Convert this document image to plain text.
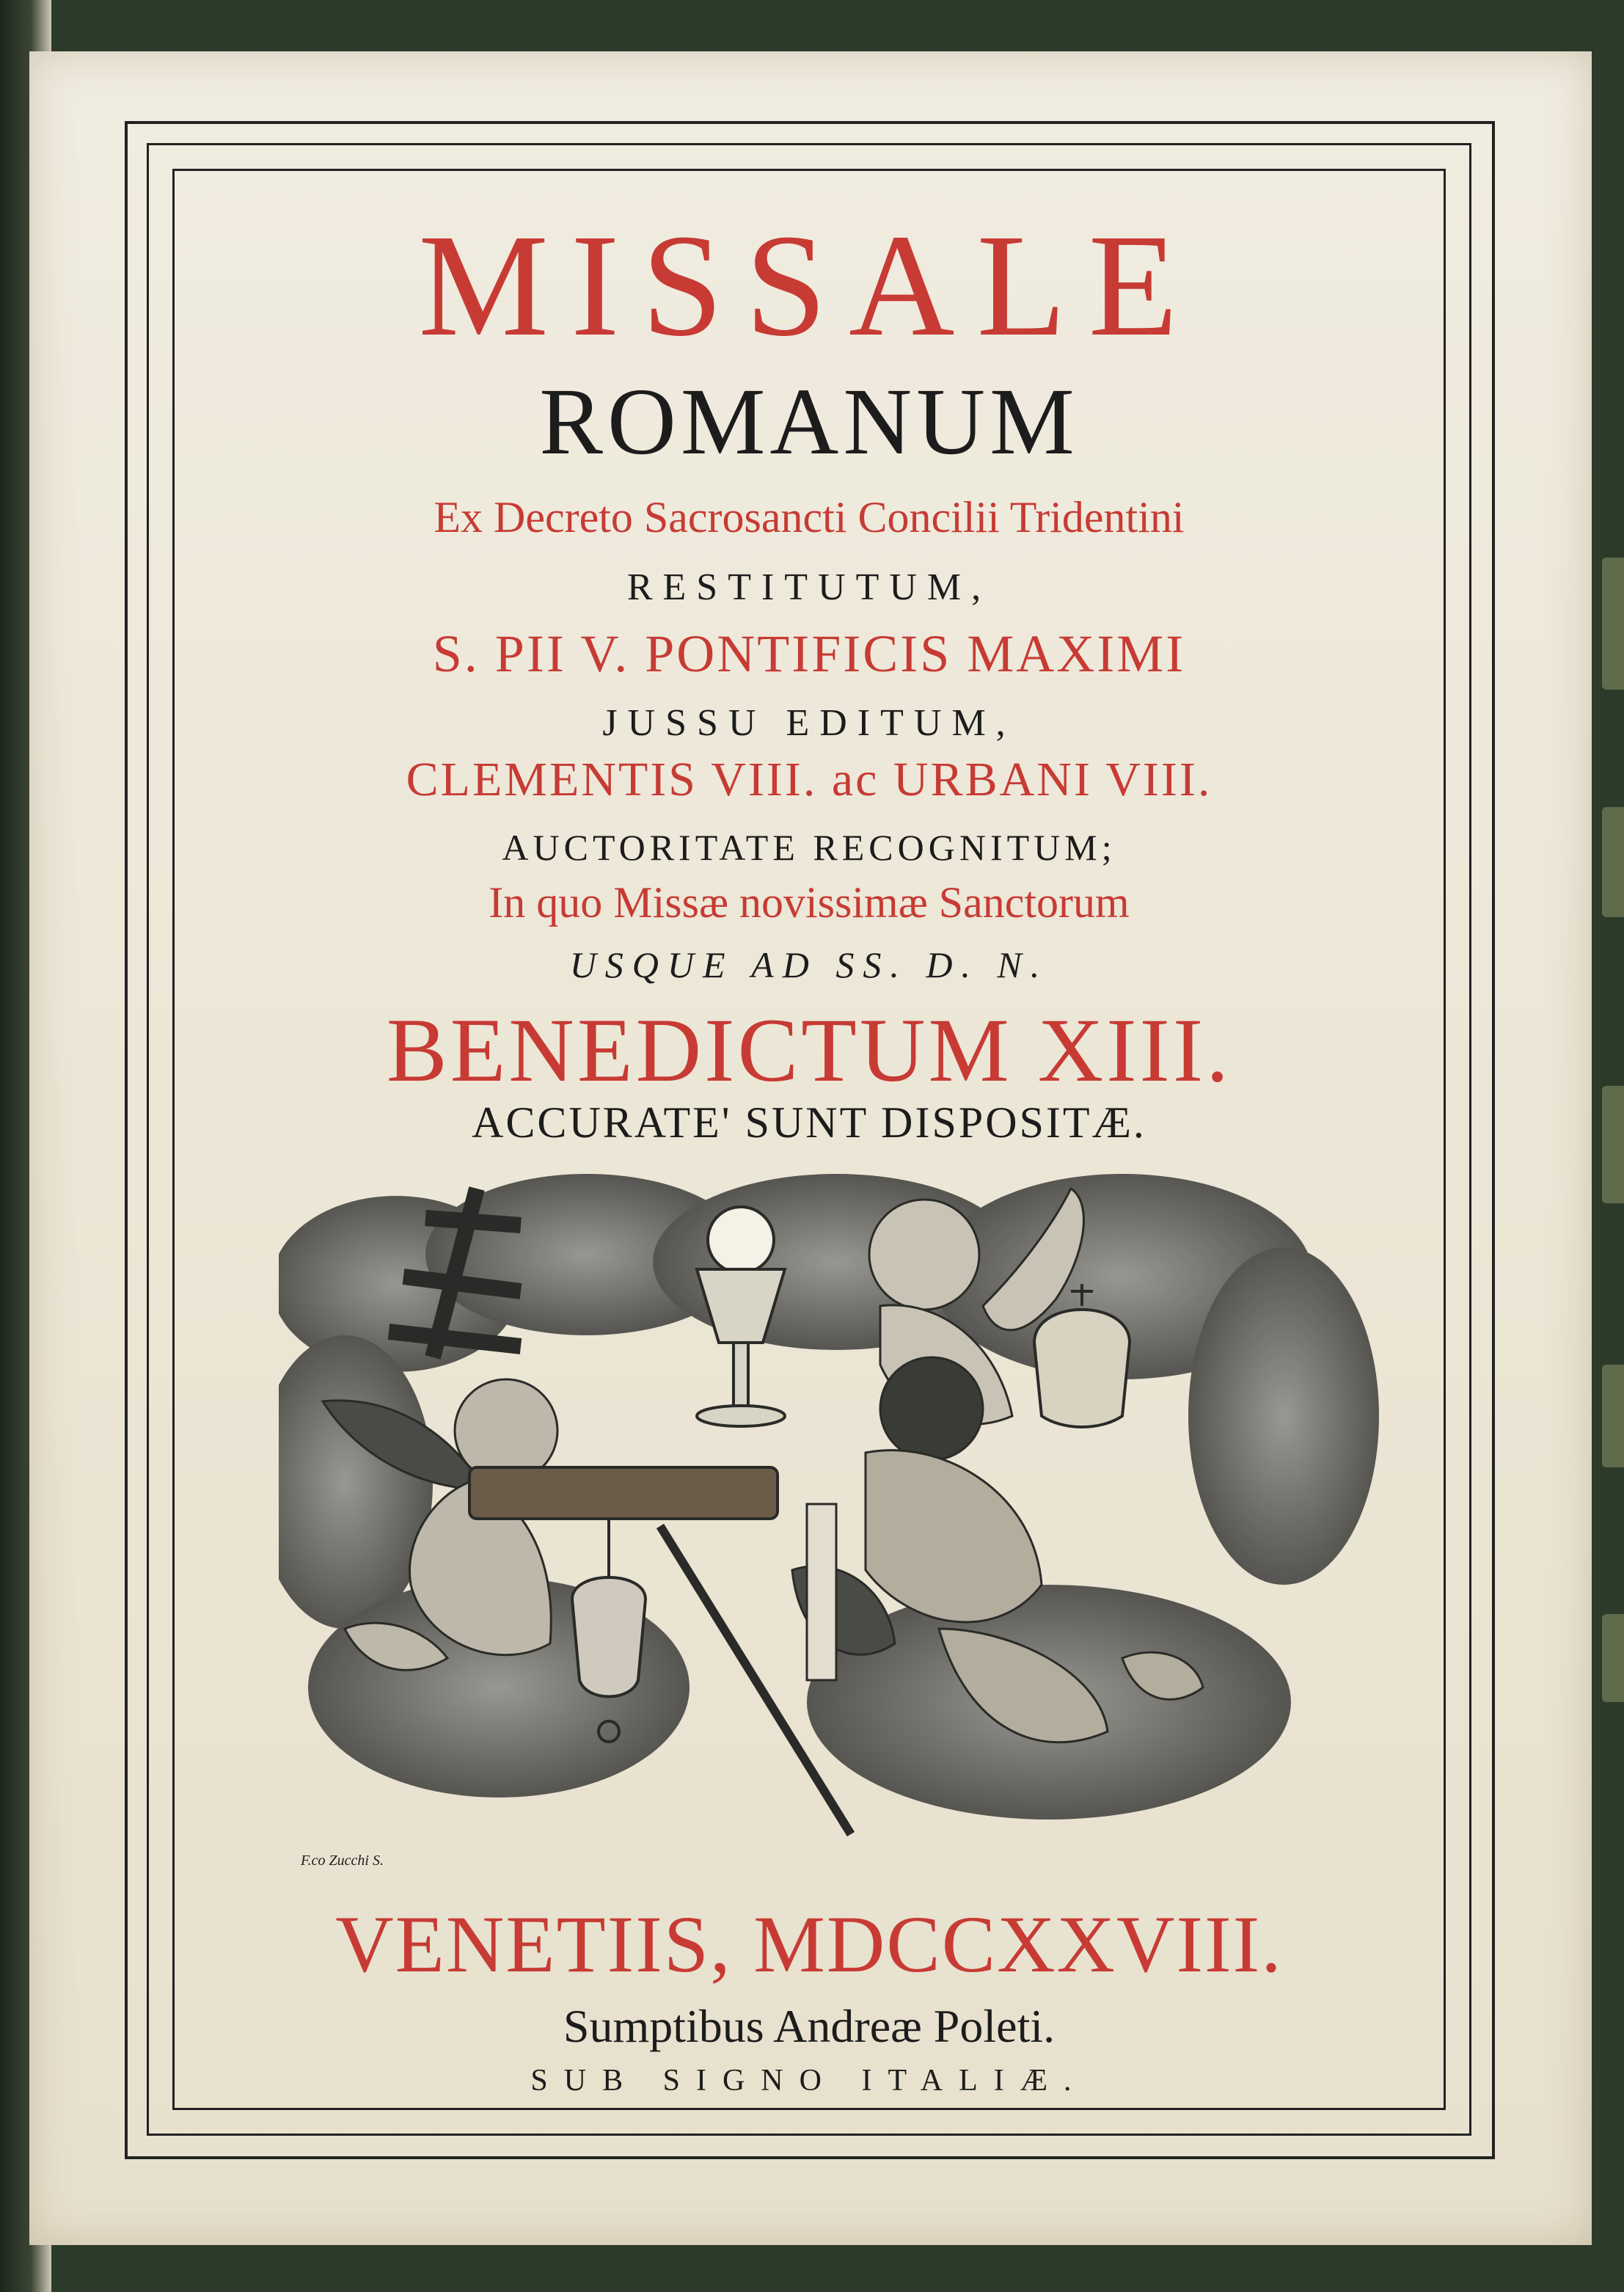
MISSALE
ROMANUM
Ex Decreto Sacrosancti Concilii Tridentini
RESTITUTUM,
S. PII V. PONTIFICIS MAXIMI
JUSSU EDITUM,
CLEMENTIS VIII. ac URBANI VIII.
AUCTORITATE RECOGNITUM;
In quo Missæ novissimæ Sanctorum
USQUE AD SS. D. N.
BENEDICTUM XIII.
ACCURATE' SUNT DISPOSITÆ.
F.co Zucchi S.
VENETIIS, MDCCXXVIII.
Sumptibus Andreæ Poleti.
SUB SIGNO ITALIÆ.
